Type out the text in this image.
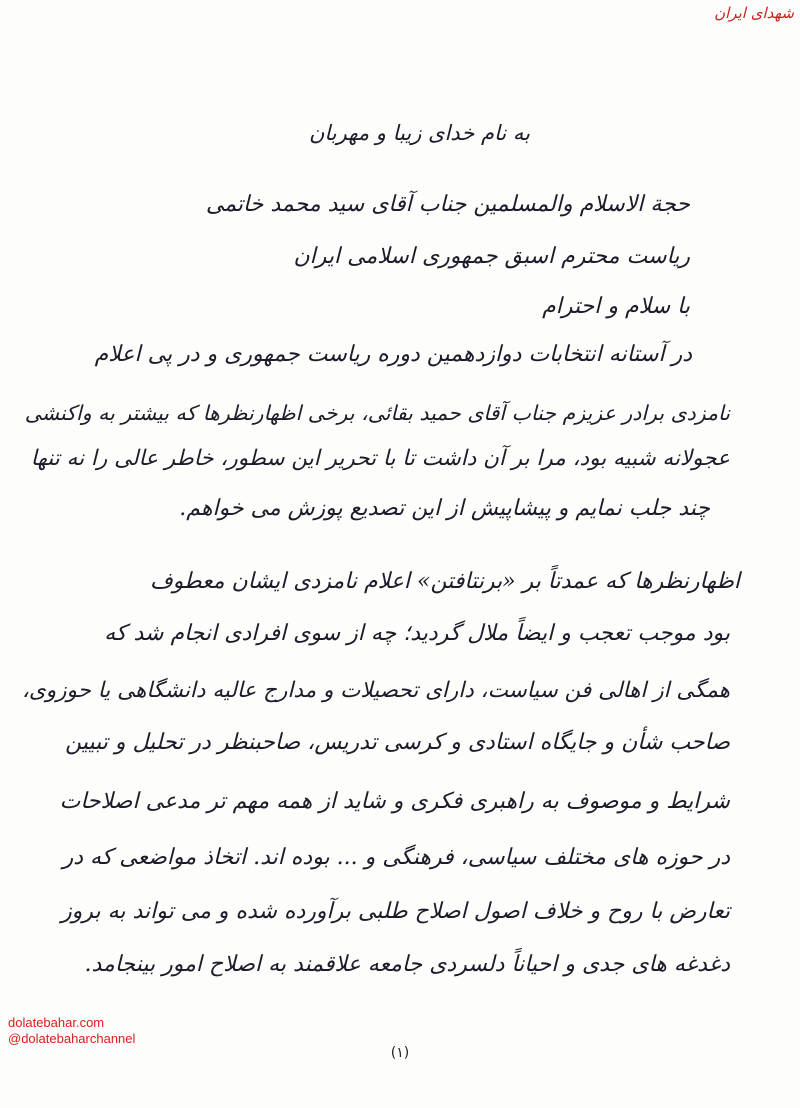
شهدای ایران
به نام خدای زیبا و مهربان
حجة الاسلام والمسلمین جناب آقای سید محمد خاتمی
ریاست محترم اسبق جمهوری اسلامی ایران
با سلام و احترام
در آستانه انتخابات دوازدهمین دوره ریاست جمهوری و در پی اعلام
نامزدی برادر عزیزم جناب آقای حمید بقائی، برخی اظهارنظرها که بیشتر به واکنشی
عجولانه شبیه بود، مرا بر آن داشت تا با تحریر این سطور، خاطر عالی را نه تنها
چند جلب نمایم و پیشاپیش از این تصدیع پوزش می خواهم.
اظهارنظرها که عمدتاً بر «برنتافتن» اعلام نامزدی ایشان معطوف
بود موجب تعجب و ایضاً ملال گردید؛ چه از سوی افرادی انجام شد که
همگی از اهالی فن سیاست، دارای تحصیلات و مدارج عالیه دانشگاهی یا حوزوی،
صاحب شأن و جایگاه استادی و کرسی تدریس، صاحبنظر در تحلیل و تبیین
شرایط و موصوف به راهبری فکری و شاید از همه مهم تر مدعی اصلاحات
در حوزه های مختلف سیاسی، فرهنگی و ... بوده اند. اتخاذ مواضعی که در
تعارض با روح و خلاف اصول اصلاح طلبی برآورده شده و می تواند به بروز
دغدغه های جدی و احیاناً دلسردی جامعه علاقمند به اصلاح امور بینجامد.
dolatebahar.com
@dolatebaharchannel
(۱)
